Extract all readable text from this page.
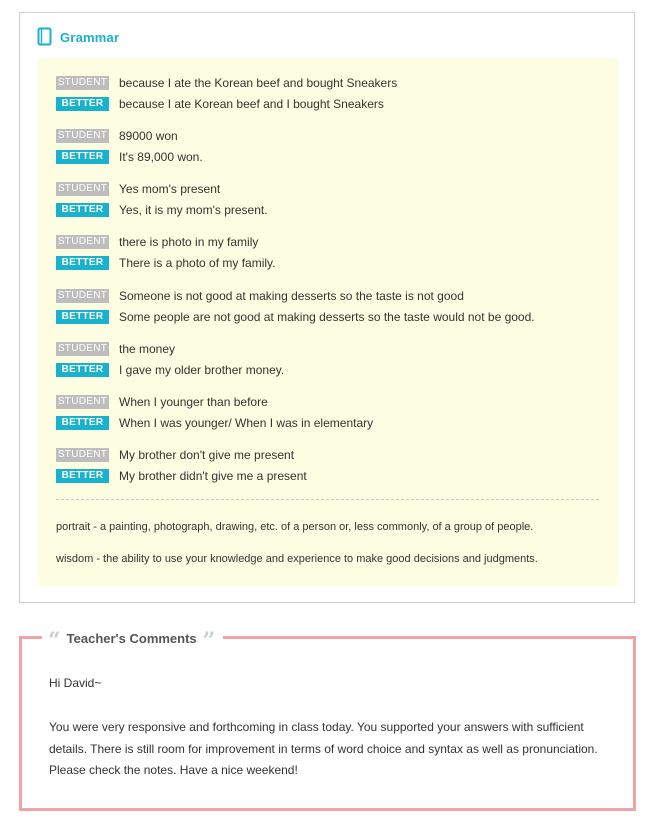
Grammar
STUDENT because I ate the Korean beef and bought Sneakers
BETTER	because I ate Korean beef and I bought Sneakers
STUDENT 89000 won
BETTER	It's 89,000 won.
STUDENT Yes mom's present
BETTER	Yes, it is my mom's present.
STUDENT there is photo in my family
BETTER	There is a photo of my family.
STUDENT Someone is not good at making desserts so the taste is not good
BETTER	Some people are not good at making desserts so the taste would not be good.
STUDENT the money
BETTER	I gave my older brother money.
STUDENT When I younger than before
BETTER	When I was younger/ When I was in elementary
STUDENT My brother don't give me present
BETTER	My brother didn't give me a present
portrait - a painting, photograph, drawing, etc. of a person or, less commonly, of a group of people.
wisdom - the ability to use your knowledge and experience to make good decisions and judgments.
“ Teacher's Comments ”
Hi David~
You were very responsive and forthcoming in class today. You supported your answers with sufficient details. There is still room for improvement in terms of word choice and syntax as well as pronunciation. Please check the notes. Have a nice weekend!
